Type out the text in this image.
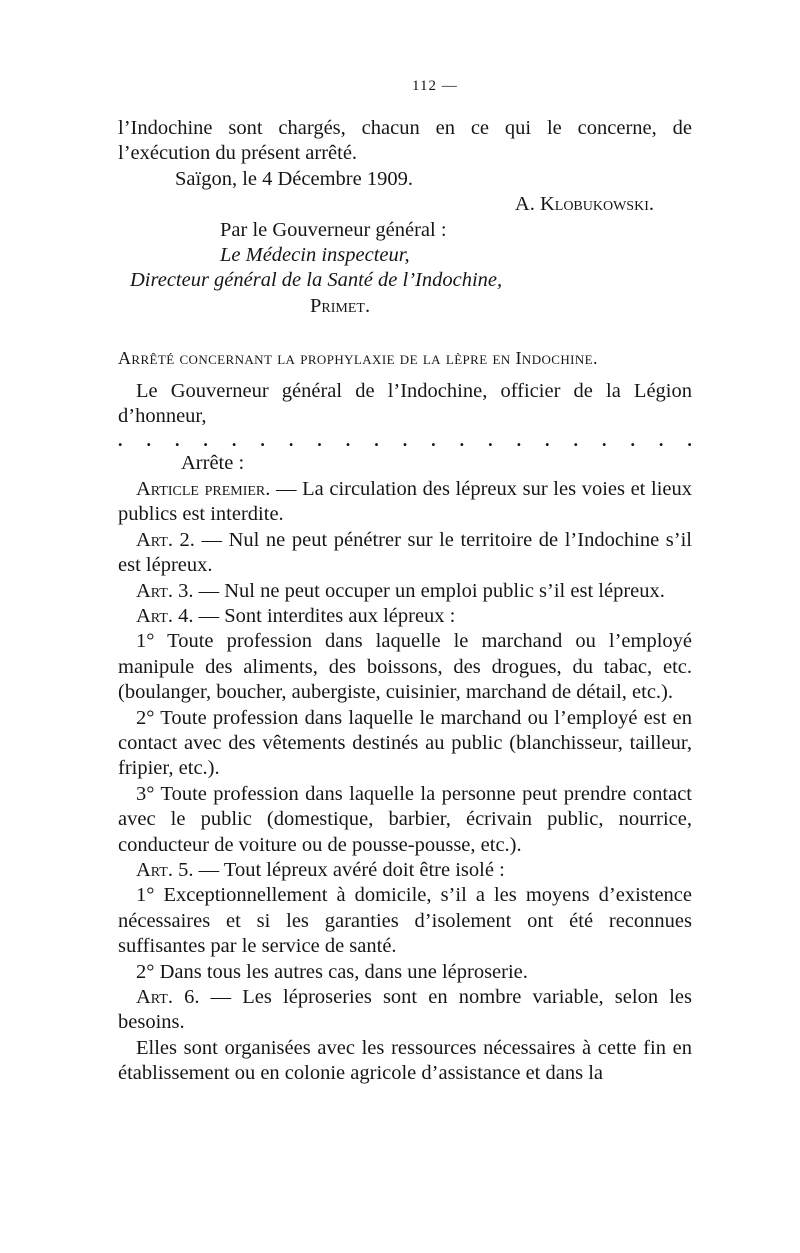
112 —

l’Indochine sont chargés, chacun en ce qui le concerne, de l’exécution du présent arrêté.

Saïgon, le 4 Décembre 1909.

A. Klobukowski.

Par le Gouverneur général :

Le Médecin inspecteur,

Directeur général de la Santé de l’Indochine,

Primet.

Arrêté concernant la prophylaxie de la lèpre en Indochine.

Le Gouverneur général de l’Indochine, officier de la Légion d’honneur,

. . . . . . . . . . . . . . . . . . . . .

Arrête :

Article premier. — La circulation des lépreux sur les voies et lieux publics est interdite.

Art. 2. — Nul ne peut pénétrer sur le territoire de l’Indochine s’il est lépreux.

Art. 3. — Nul ne peut occuper un emploi public s’il est lépreux.

Art. 4. — Sont interdites aux lépreux :

1° Toute profession dans laquelle le marchand ou l’employé manipule des aliments, des boissons, des drogues, du tabac, etc. (boulanger, boucher, aubergiste, cuisinier, marchand de détail, etc.).

2° Toute profession dans laquelle le marchand ou l’employé est en contact avec des vêtements destinés au public (blanchisseur, tailleur, fripier, etc.).

3° Toute profession dans laquelle la personne peut prendre contact avec le public (domestique, barbier, écrivain public, nourrice, conducteur de voiture ou de pousse-pousse, etc.).

Art. 5. — Tout lépreux avéré doit être isolé :

1° Exceptionnellement à domicile, s’il a les moyens d’existence nécessaires et si les garanties d’isolement ont été reconnues suffisantes par le service de santé.

2° Dans tous les autres cas, dans une léproserie.

Art. 6. — Les léproseries sont en nombre variable, selon les besoins.

Elles sont organisées avec les ressources nécessaires à cette fin en établissement ou en colonie agricole d’assistance et dans la
